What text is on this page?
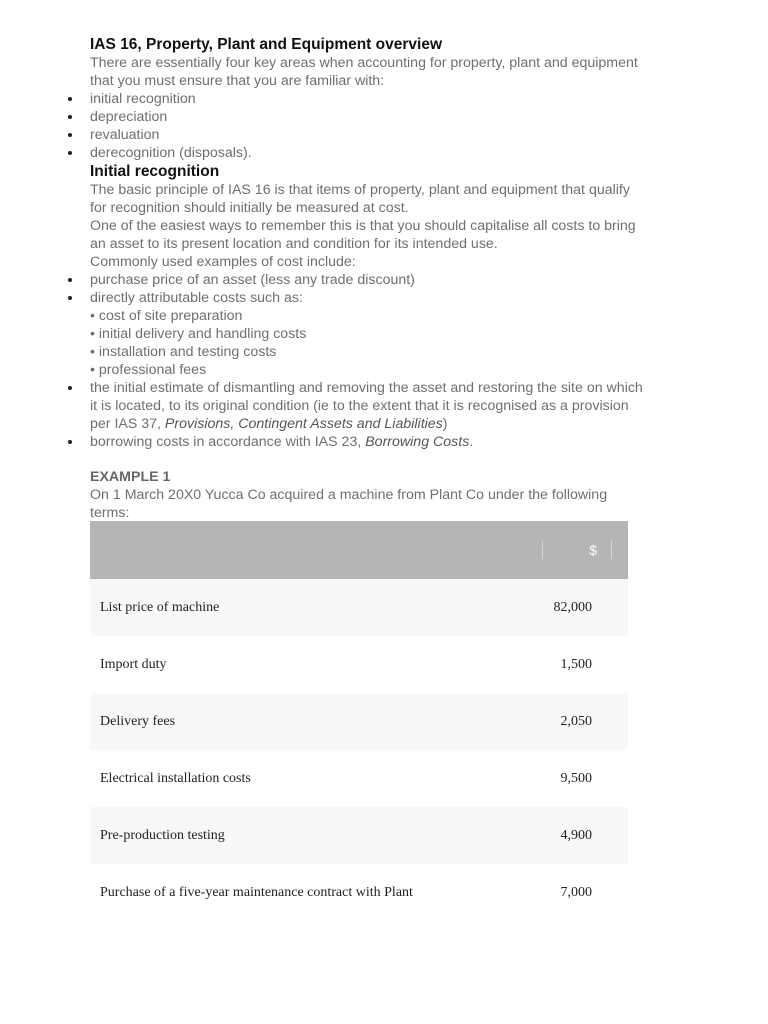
IAS 16, Property, Plant and Equipment overview

There are essentially four key areas when accounting for property, plant and equipment

that you must ensure that you are familiar with:

initial recognition
depreciation
revaluation
derecognition (disposals).
Initial recognition

The basic principle of IAS 16 is that items of property, plant and equipment that qualify

for recognition should initially be measured at cost.

One of the easiest ways to remember this is that you should capitalise all costs to bring

an asset to its present location and condition for its intended use.

Commonly used examples of cost include:

purchase price of an asset (less any trade discount)
directly attributable costs such as:
• cost of site preparation
• initial delivery and handling costs
• installation and testing costs
• professional fees
the initial estimate of dismantling and removing the asset and restoring the site on which
it is located, to its original condition (ie to the extent that it is recognised as a provision
per IAS 37, Provisions, Contingent Assets and Liabilities)
borrowing costs in accordance with IAS 23, Borrowing Costs.

EXAMPLE 1

On 1 March 20X0 Yucca Co acquired a machine from Plant Co under the following

terms:

$	

List price of machine	82,000
Import duty	1,500
Delivery fees	2,050
Electrical installation costs	9,500
Pre-production testing	4,900
Purchase of a five-year maintenance contract with Plant	7,000
